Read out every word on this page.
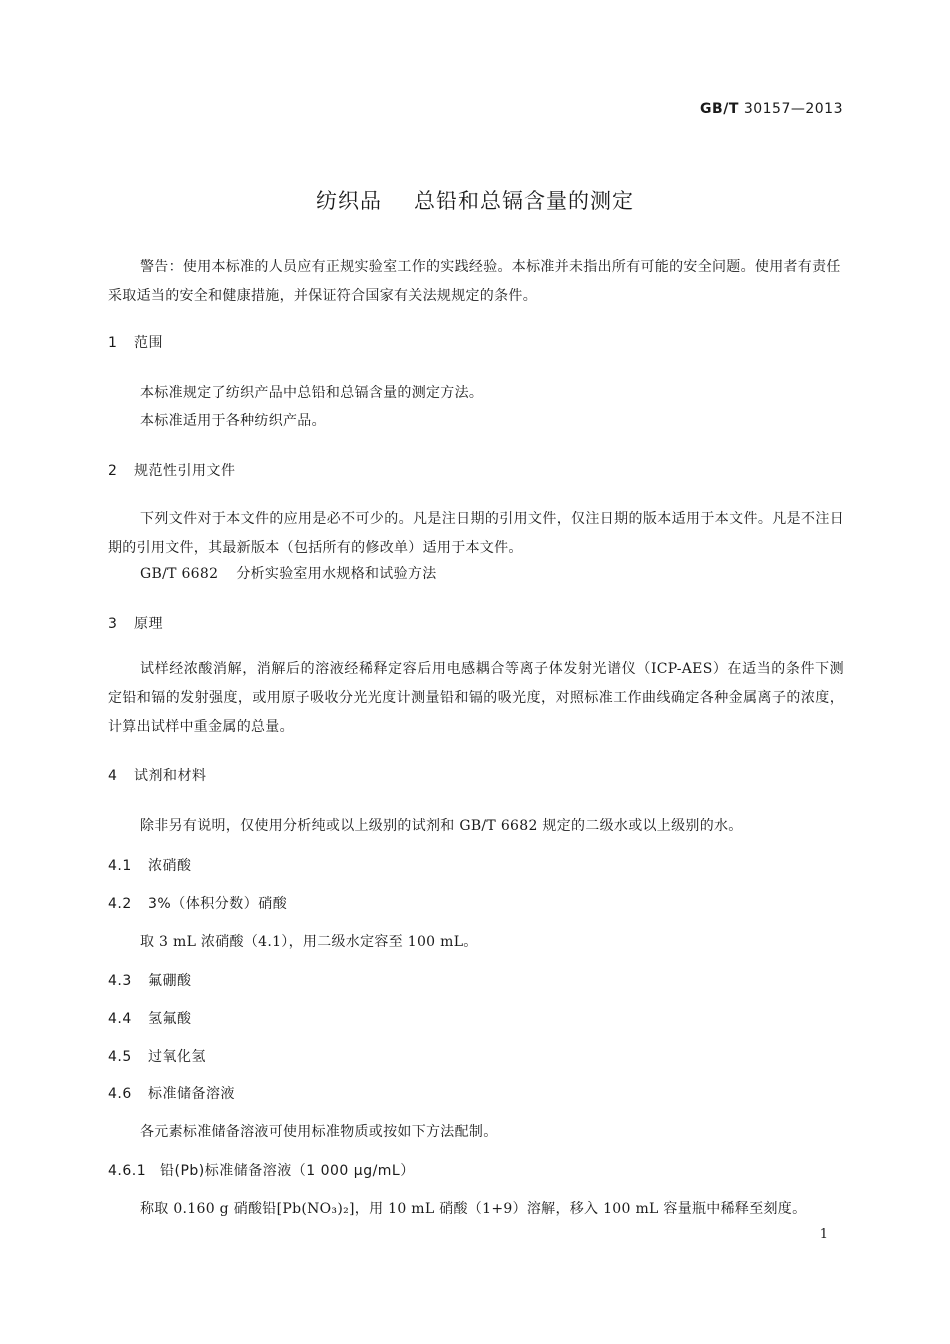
GB/T 30157—2013
纺织品 总铅和总镉含量的测定
警告：使用本标准的人员应有正规实验室工作的实践经验。本标准并未指出所有可能的安全问题。使用者有责任采取适当的安全和健康措施，并保证符合国家有关法规规定的条件。
1 范围
本标准规定了纺织产品中总铅和总镉含量的测定方法。
本标准适用于各种纺织产品。
2 规范性引用文件
下列文件对于本文件的应用是必不可少的。凡是注日期的引用文件，仅注日期的版本适用于本文件。凡是不注日期的引用文件，其最新版本（包括所有的修改单）适用于本文件。
GB/T 6682 分析实验室用水规格和试验方法
3 原理
试样经浓酸消解，消解后的溶液经稀释定容后用电感耦合等离子体发射光谱仪（ICP-AES）在适当的条件下测定铅和镉的发射强度，或用原子吸收分光光度计测量铅和镉的吸光度，对照标准工作曲线确定各种金属离子的浓度，计算出试样中重金属的总量。
4 试剂和材料
除非另有说明，仅使用分析纯或以上级别的试剂和 GB/T 6682 规定的二级水或以上级别的水。
4.1 浓硝酸
4.2 3%（体积分数）硝酸
取 3 mL 浓硝酸（4.1），用二级水定容至 100 mL。
4.3 氟硼酸
4.4 氢氟酸
4.5 过氧化氢
4.6 标准储备溶液
各元素标准储备溶液可使用标准物质或按如下方法配制。
4.6.1 铅(Pb)标准储备溶液（1 000 μg/mL）
称取 0.160 g 硝酸铅[Pb(NO₃)₂]，用 10 mL 硝酸（1+9）溶解，移入 100 mL 容量瓶中稀释至刻度。
1
